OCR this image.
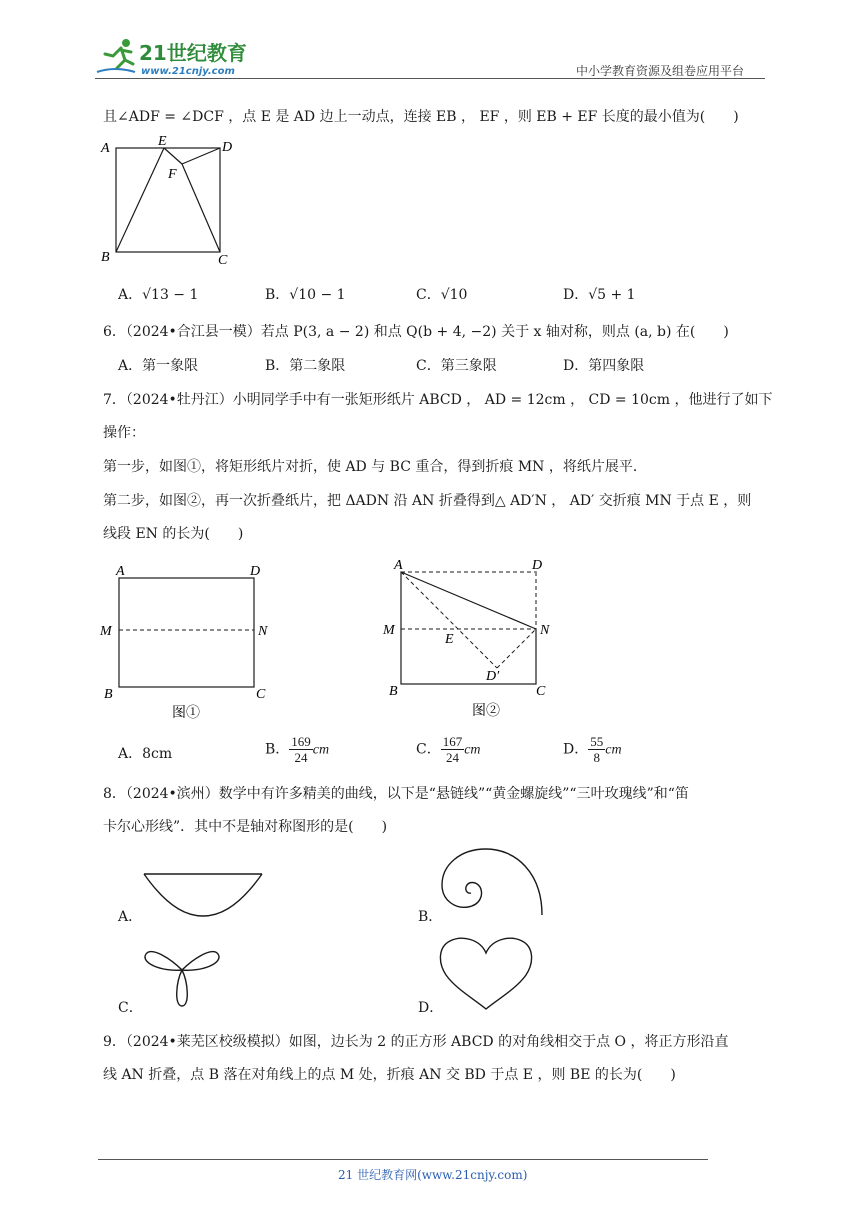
21世纪教育
www.21cnjy.com	中小学教育资源及组卷应用平台
且∠ADF = ∠DCF ，点 E 是 AD 边上一动点，连接 EB ， EF ，则 EB + EF 长度的最小值为(　　)
A	E	D
F
B	C
A．√13 − 1	B．√10 − 1	C．√10	D．√5 + 1
6．（2024•合江县一模）若点 P(3, a − 2) 和点 Q(b + 4, −2) 关于 x 轴对称，则点 (a, b) 在(　　)
A．第一象限	B．第二象限	C．第三象限	D．第四象限
7．（2024•牡丹江）小明同学手中有一张矩形纸片 ABCD ， AD = 12cm ， CD = 10cm ，他进行了如下
操作：
第一步，如图①，将矩形纸片对折，使 AD 与 BC 重合，得到折痕 MN ，将纸片展平．
第二步，如图②，再一次折叠纸片，把 ΔADN 沿 AN 折叠得到△ AD′N ， AD′ 交折痕 MN 于点 E ，则
线段 EN 的长为(　　)
A	D
M	N
B	C
图①
A	D
M
E
N
D′
B	C
图②
A．8cm	B． $\frac{169}{24}$ cm	C． $\frac{167}{24}$ cm	D． $\frac{55}{8}$ cm
8．（2024•滨州）数学中有许多精美的曲线，以下是“悬链线”“黄金螺旋线”“三叶玫瑰线”和“笛
卡尔心形线”．其中不是轴对称图形的是(　　)
A．	B．
C．	D．
9．（2024•莱芜区校级模拟）如图，边长为 2 的正方形 ABCD 的对角线相交于点 O ，将正方形沿直
线 AN 折叠，点 B 落在对角线上的点 M 处，折痕 AN 交 BD 于点 E ，则 BE 的长为(　　)
21 世纪教育网(www.21cnjy.com)
